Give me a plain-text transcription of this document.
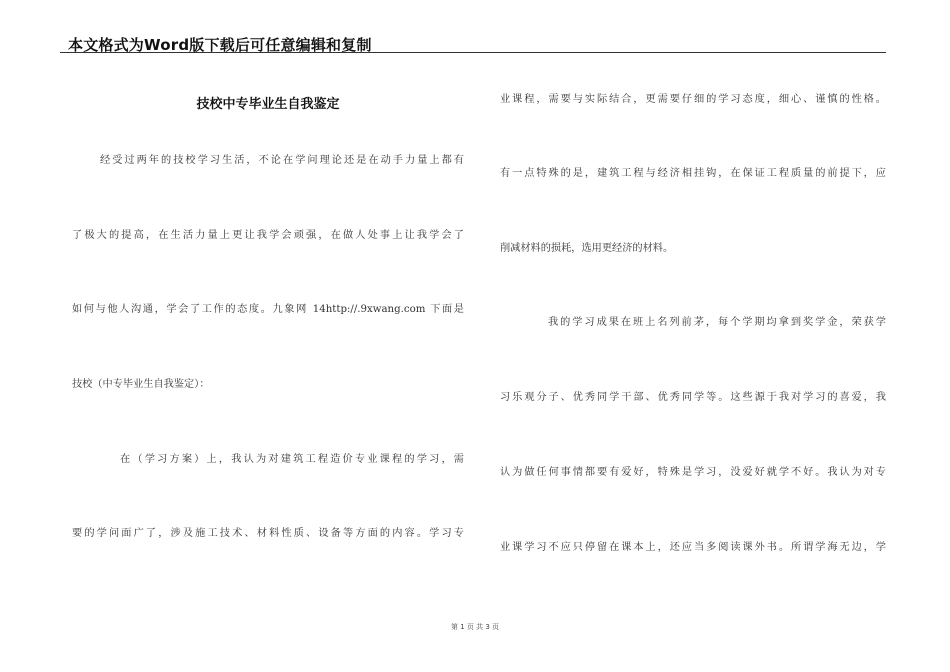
本文格式为Word版下载后可任意编辑和复制
技校中专毕业生自我鉴定
经受过两年的技校学习生活，不论在学问理论还是在动手力量上都有
了极大的提高，在生活力量上更让我学会顽强，在做人处事上让我学会了
如何与他人沟通，学会了工作的态度。九象网 14http://.9xwang.com 下面是
技校（中专毕业生自我鉴定）：
在（学习方案）上，我认为对建筑工程造价专业课程的学习，需
要的学问面广了，涉及施工技术、材料性质、设备等方面的内容。学习专
业课程，需要与实际结合，更需要仔细的学习态度，细心、谨慎的性格。
有一点特殊的是，建筑工程与经济相挂钩，在保证工程质量的前提下，应
削减材料的损耗，选用更经济的材料。
我的学习成果在班上名列前茅，每个学期均拿到奖学金，荣获学
习乐观分子、优秀同学干部、优秀同学等。这些源于我对学习的喜爱，我
认为做任何事情都要有爱好，特殊是学习，没爱好就学不好。我认为对专
业课学习不应只停留在课本上，还应当多阅读课外书。所谓学海无边，学
第 1 页 共 3 页
